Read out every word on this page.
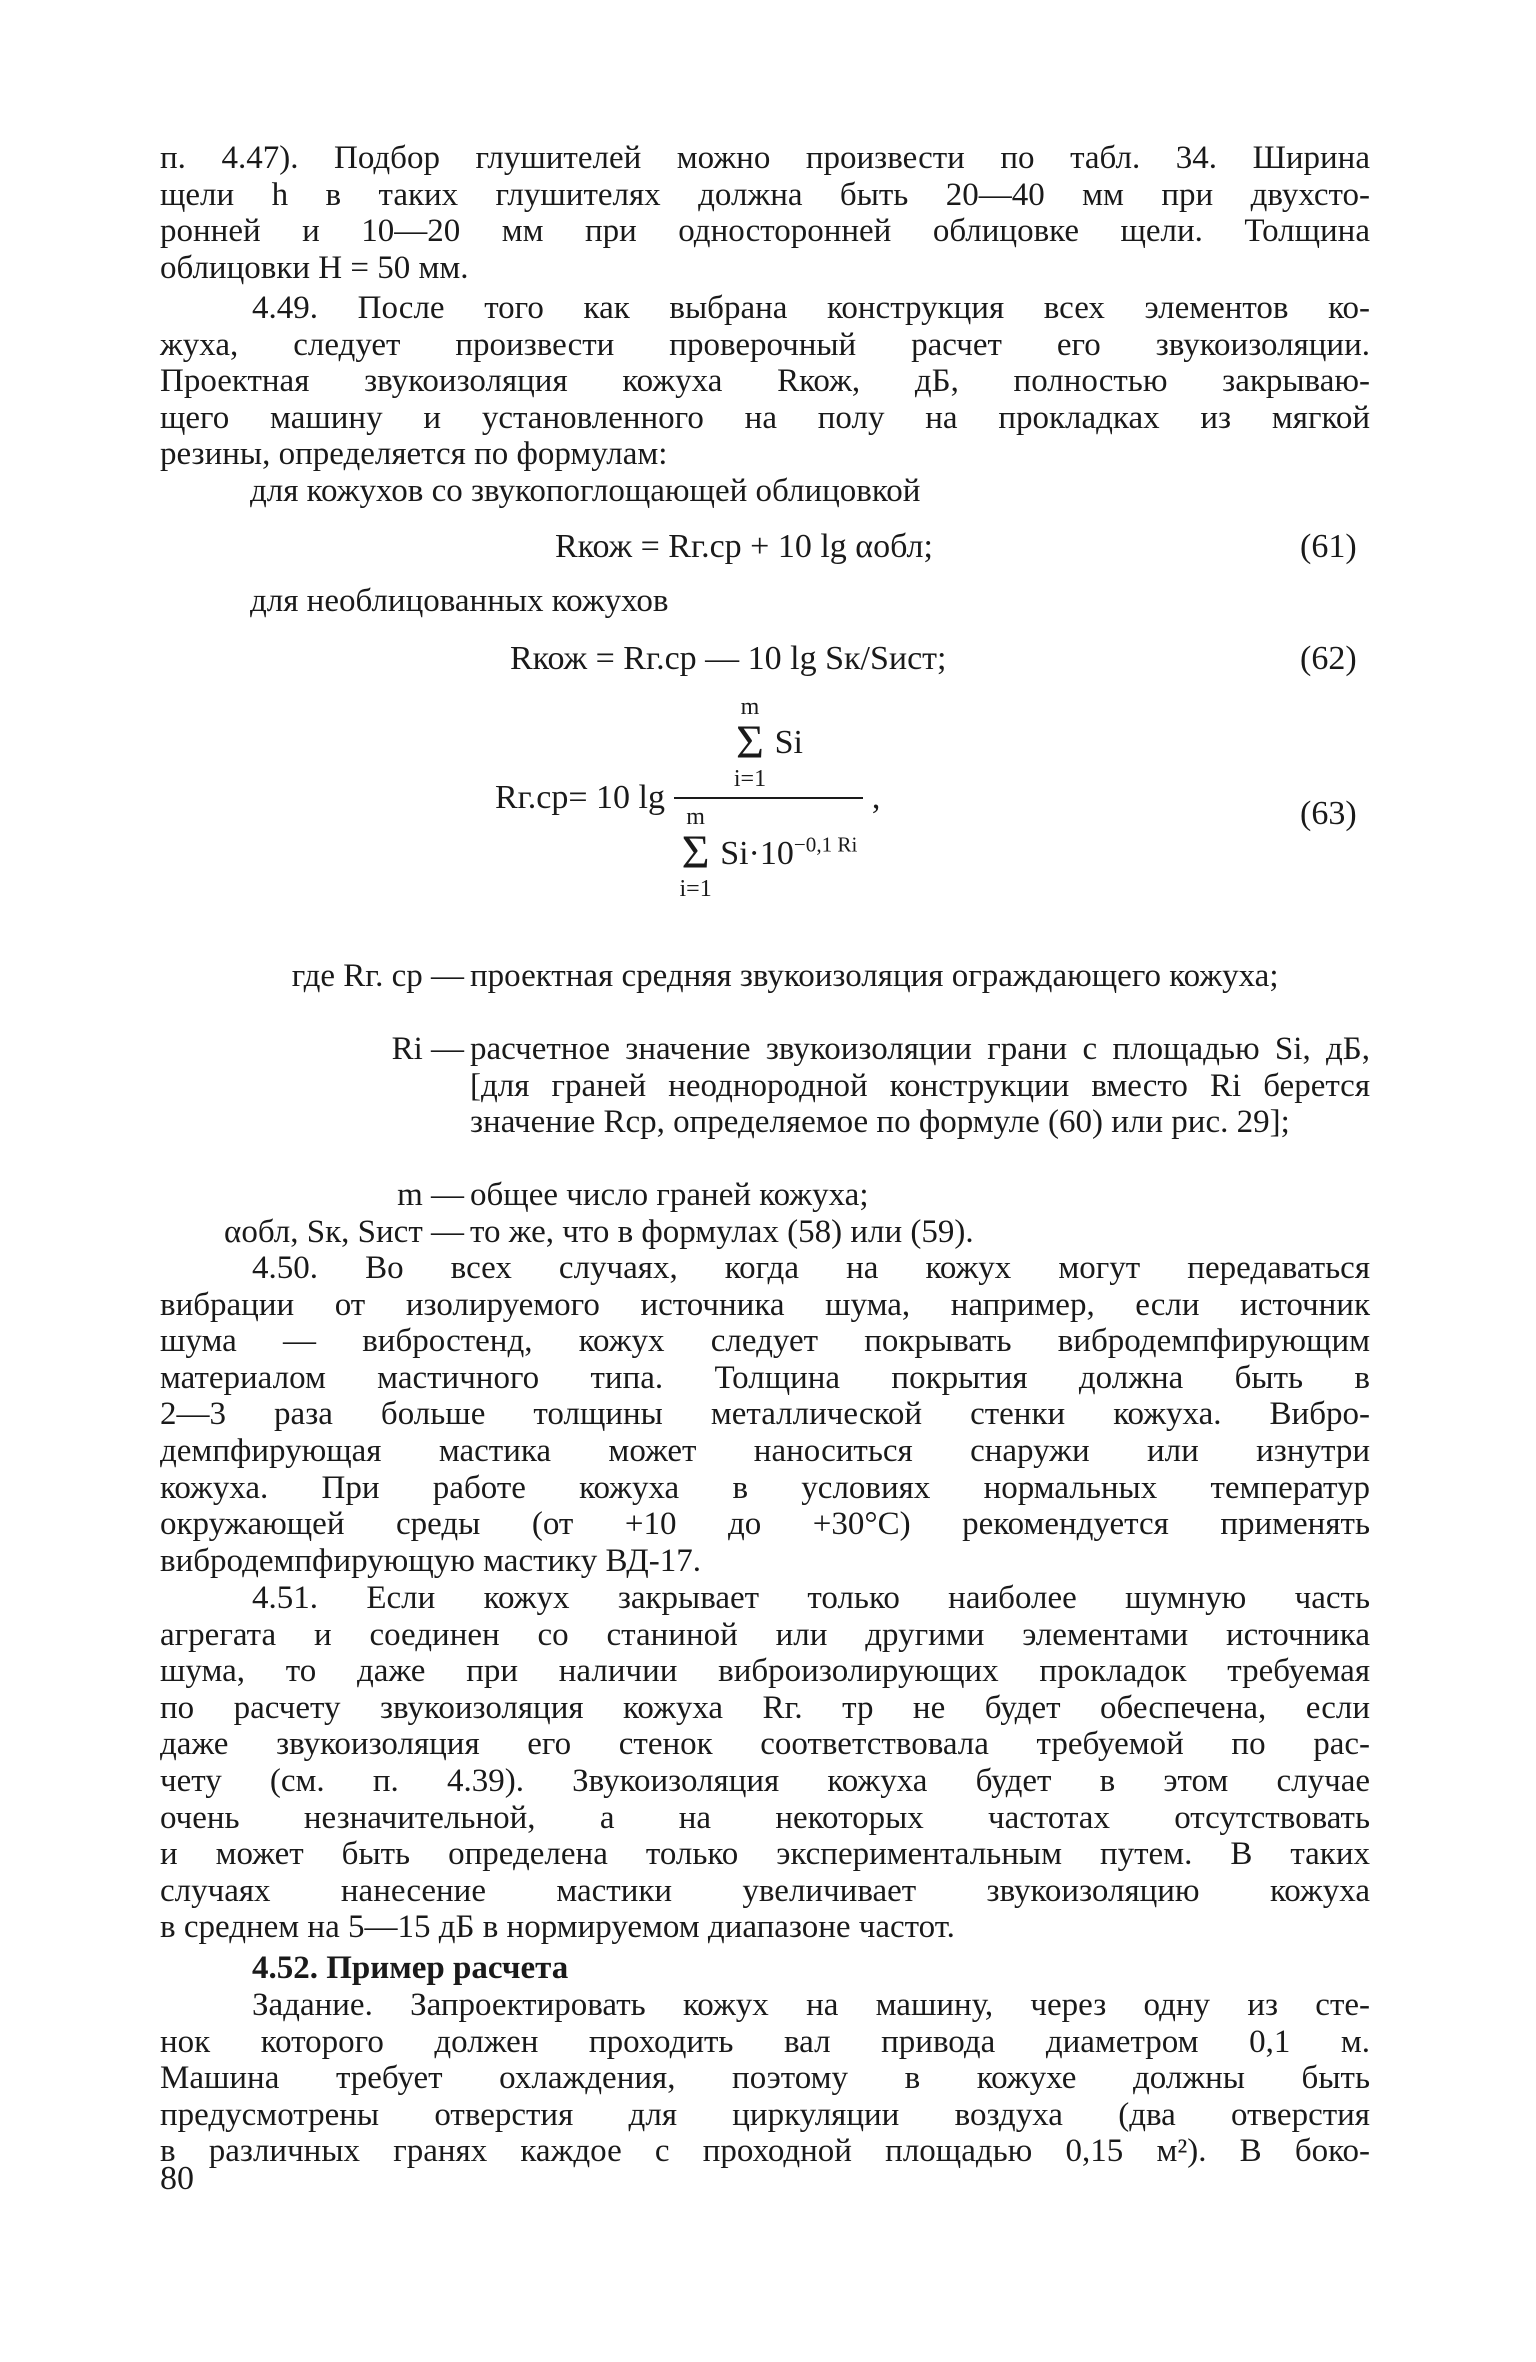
п. 4.47). Подбор глушителей можно произвести по табл. 34. Ширина
щели h в таких глушителях должна быть 20—40 мм при двухсто-
ронней и 10—20 мм при односторонней облицовке щели. Толщина
облицовки H = 50 мм.

4.49. После того как выбрана конструкция всех элементов ко-
жуха, следует произвести проверочный расчет его звукоизоляции.
Проектная звукоизоляция кожуха Rкож, дБ, полностью закрываю-
щего машину и установленного на полу на прокладках из мягкой
резины, определяется по формулам:

для кожухов со звукопоглощающей облицовкой
Rкож = Rг.ср + 10 lg αобл;	(61)
для необлицованных кожухов
Rкож = Rг.ср — 10 lg Sк/Sист;	(62)
Rг.ср= 10 lg m
Σ
i=1
Si
m
Σ
i=1
$Si\cdot 10^{-0,1 Ri}$ ,	(63)
где Rг. ср — проектная средняя звукоизоляция ограждающего кожуха;
Ri — расчетное значение звукоизоляции грани с площадью Si, дБ, [для граней неоднородной конструкции вместо Ri берется значение Rср, определяемое по формуле (60) или рис. 29];
m — общее число граней кожуха;
αобл, Sк, Sист — то же, что в формулах (58) или (59).

4.50. Во всех случаях, когда на кожух могут передаваться
вибрации от изолируемого источника шума, например, если источник
шума — вибростенд, кожух следует покрывать вибродемпфирующим
материалом мастичного типа. Толщина покрытия должна быть в
2—3 раза больше толщины металлической стенки кожуха. Вибро-
демпфирующая мастика может наноситься снаружи или изнутри
кожуха. При работе кожуха в условиях нормальных температур
окружающей среды (от +10 до +30°С) рекомендуется применять
вибродемпфирующую мастику ВД-17.

4.51. Если кожух закрывает только наиболее шумную часть
агрегата и соединен со станиной или другими элементами источника
шума, то даже при наличии виброизолирующих прокладок требуемая
по расчету звукоизоляция кожуха Rг. тр не будет обеспечена, если
даже звукоизоляция его стенок соответствовала требуемой по рас-
чету (см. п. 4.39). Звукоизоляция кожуха будет в этом случае
очень незначительной, а на некоторых частотах отсутствовать
и может быть определена только экспериментальным путем. В таких
случаях нанесение мастики увеличивает звукоизоляцию кожуха
в среднем на 5—15 дБ в нормируемом диапазоне частот.

4.52. Пример расчета

Задание. Запроектировать кожух на машину, через одну из сте-
нок которого должен проходить вал привода диаметром 0,1 м.
Машина требует охлаждения, поэтому в кожухе должны быть
предусмотрены отверстия для циркуляции воздуха (два отверстия
в различных гранях каждое с проходной площадью 0,15 м²). В боко-

80
